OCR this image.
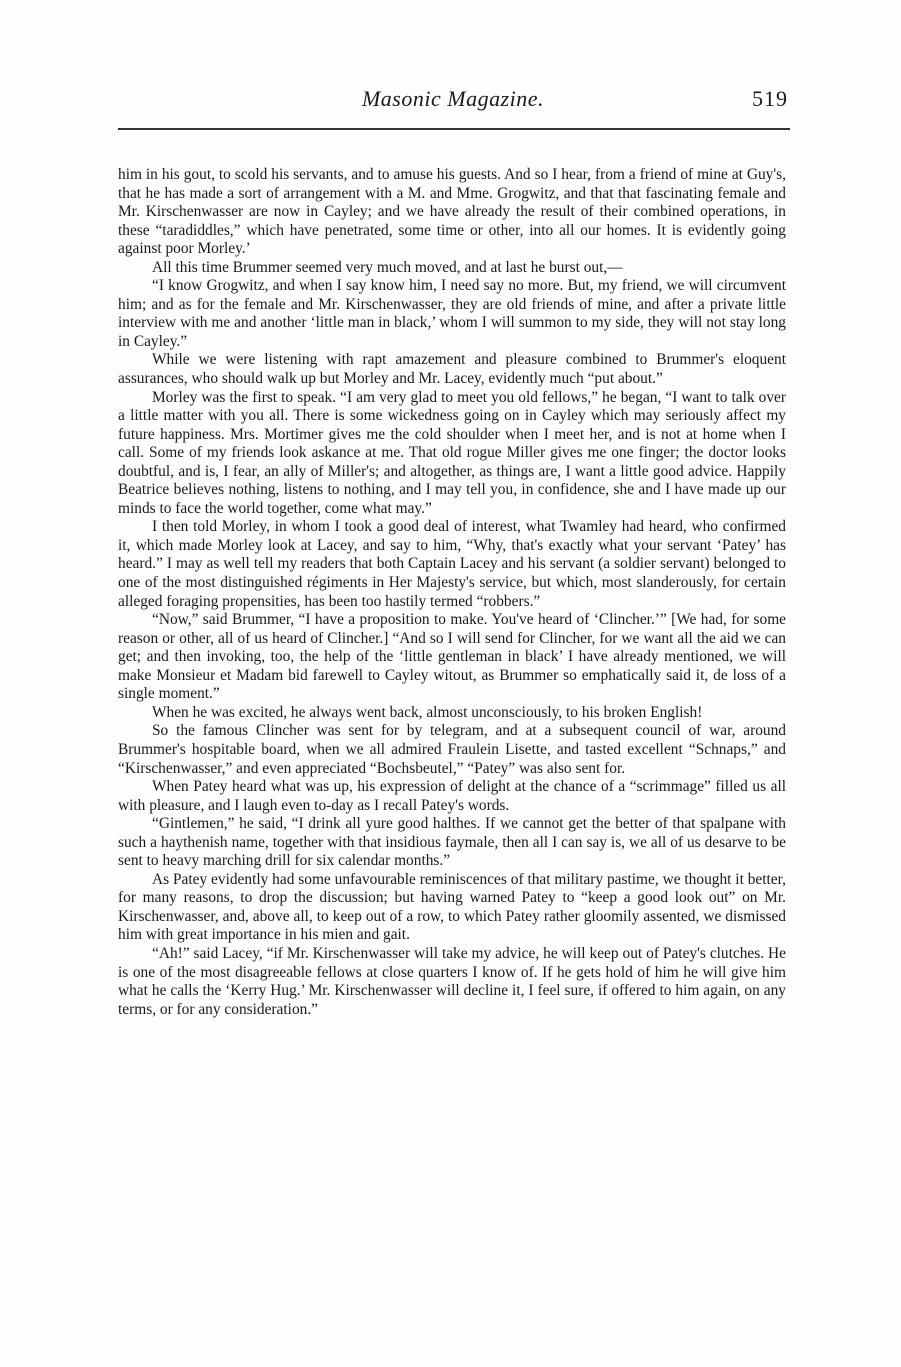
Masonic Magazine.	519

him in his gout, to scold his servants, and to amuse his guests. And so I hear, from a friend of mine at Guy's, that he has made a sort of arrangement with a M. and Mme. Grogwitz, and that that fascinating female and Mr. Kirschenwasser are now in Cayley; and we have already the result of their combined operations, in these “taradiddles,” which have penetrated, some time or other, into all our homes. It is evidently going against poor Morley.’

All this time Brummer seemed very much moved, and at last he burst out,—

“I know Grogwitz, and when I say know him, I need say no more. But, my friend, we will circumvent him; and as for the female and Mr. Kirschenwasser, they are old friends of mine, and after a private little interview with me and another ‘little man in black,’ whom I will summon to my side, they will not stay long in Cayley.”

While we were listening with rapt amazement and pleasure combined to Brummer's eloquent assurances, who should walk up but Morley and Mr. Lacey, evidently much “put about.”

Morley was the first to speak. “I am very glad to meet you old fellows,” he began, “I want to talk over a little matter with you all. There is some wickedness going on in Cayley which may seriously affect my future happiness. Mrs. Mortimer gives me the cold shoulder when I meet her, and is not at home when I call. Some of my friends look askance at me. That old rogue Miller gives me one finger; the doctor looks doubtful, and is, I fear, an ally of Miller's; and altogether, as things are, I want a little good advice. Happily Beatrice believes nothing, listens to nothing, and I may tell you, in confidence, she and I have made up our minds to face the world together, come what may.”

I then told Morley, in whom I took a good deal of interest, what Twamley had heard, who confirmed it, which made Morley look at Lacey, and say to him, “Why, that's exactly what your servant ‘Patey’ has heard.” I may as well tell my readers that both Captain Lacey and his servant (a soldier servant) belonged to one of the most distinguished régiments in Her Majesty's service, but which, most slanderously, for certain alleged foraging propensities, has been too hastily termed “robbers.”

“Now,” said Brummer, “I have a proposition to make. You've heard of ‘Clincher.’” [We had, for some reason or other, all of us heard of Clincher.] “And so I will send for Clincher, for we want all the aid we can get; and then invoking, too, the help of the ‘little gentleman in black’ I have already mentioned, we will make Monsieur et Madam bid farewell to Cayley witout, as Brummer so emphatically said it, de loss of a single moment.”

When he was excited, he always went back, almost unconsciously, to his broken English!

So the famous Clincher was sent for by telegram, and at a subsequent council of war, around Brummer's hospitable board, when we all admired Fraulein Lisette, and tasted excellent “Schnaps,” and “Kirschenwasser,” and even appreciated “Bochsbeutel,” “Patey” was also sent for.

When Patey heard what was up, his expression of delight at the chance of a “scrimmage” filled us all with pleasure, and I laugh even to-day as I recall Patey's words.

“Gintlemen,” he said, “I drink all yure good halthes. If we cannot get the better of that spalpane with such a haythenish name, together with that insidious faymale, then all I can say is, we all of us desarve to be sent to heavy marching drill for six calendar months.”

As Patey evidently had some unfavourable reminiscences of that military pastime, we thought it better, for many reasons, to drop the discussion; but having warned Patey to “keep a good look out” on Mr. Kirschenwasser, and, above all, to keep out of a row, to which Patey rather gloomily assented, we dismissed him with great importance in his mien and gait.

“Ah!” said Lacey, “if Mr. Kirschenwasser will take my advice, he will keep out of Patey's clutches. He is one of the most disagreeable fellows at close quarters I know of. If he gets hold of him he will give him what he calls the ‘Kerry Hug.’ Mr. Kirschenwasser will decline it, I feel sure, if offered to him again, on any terms, or for any consideration.”
